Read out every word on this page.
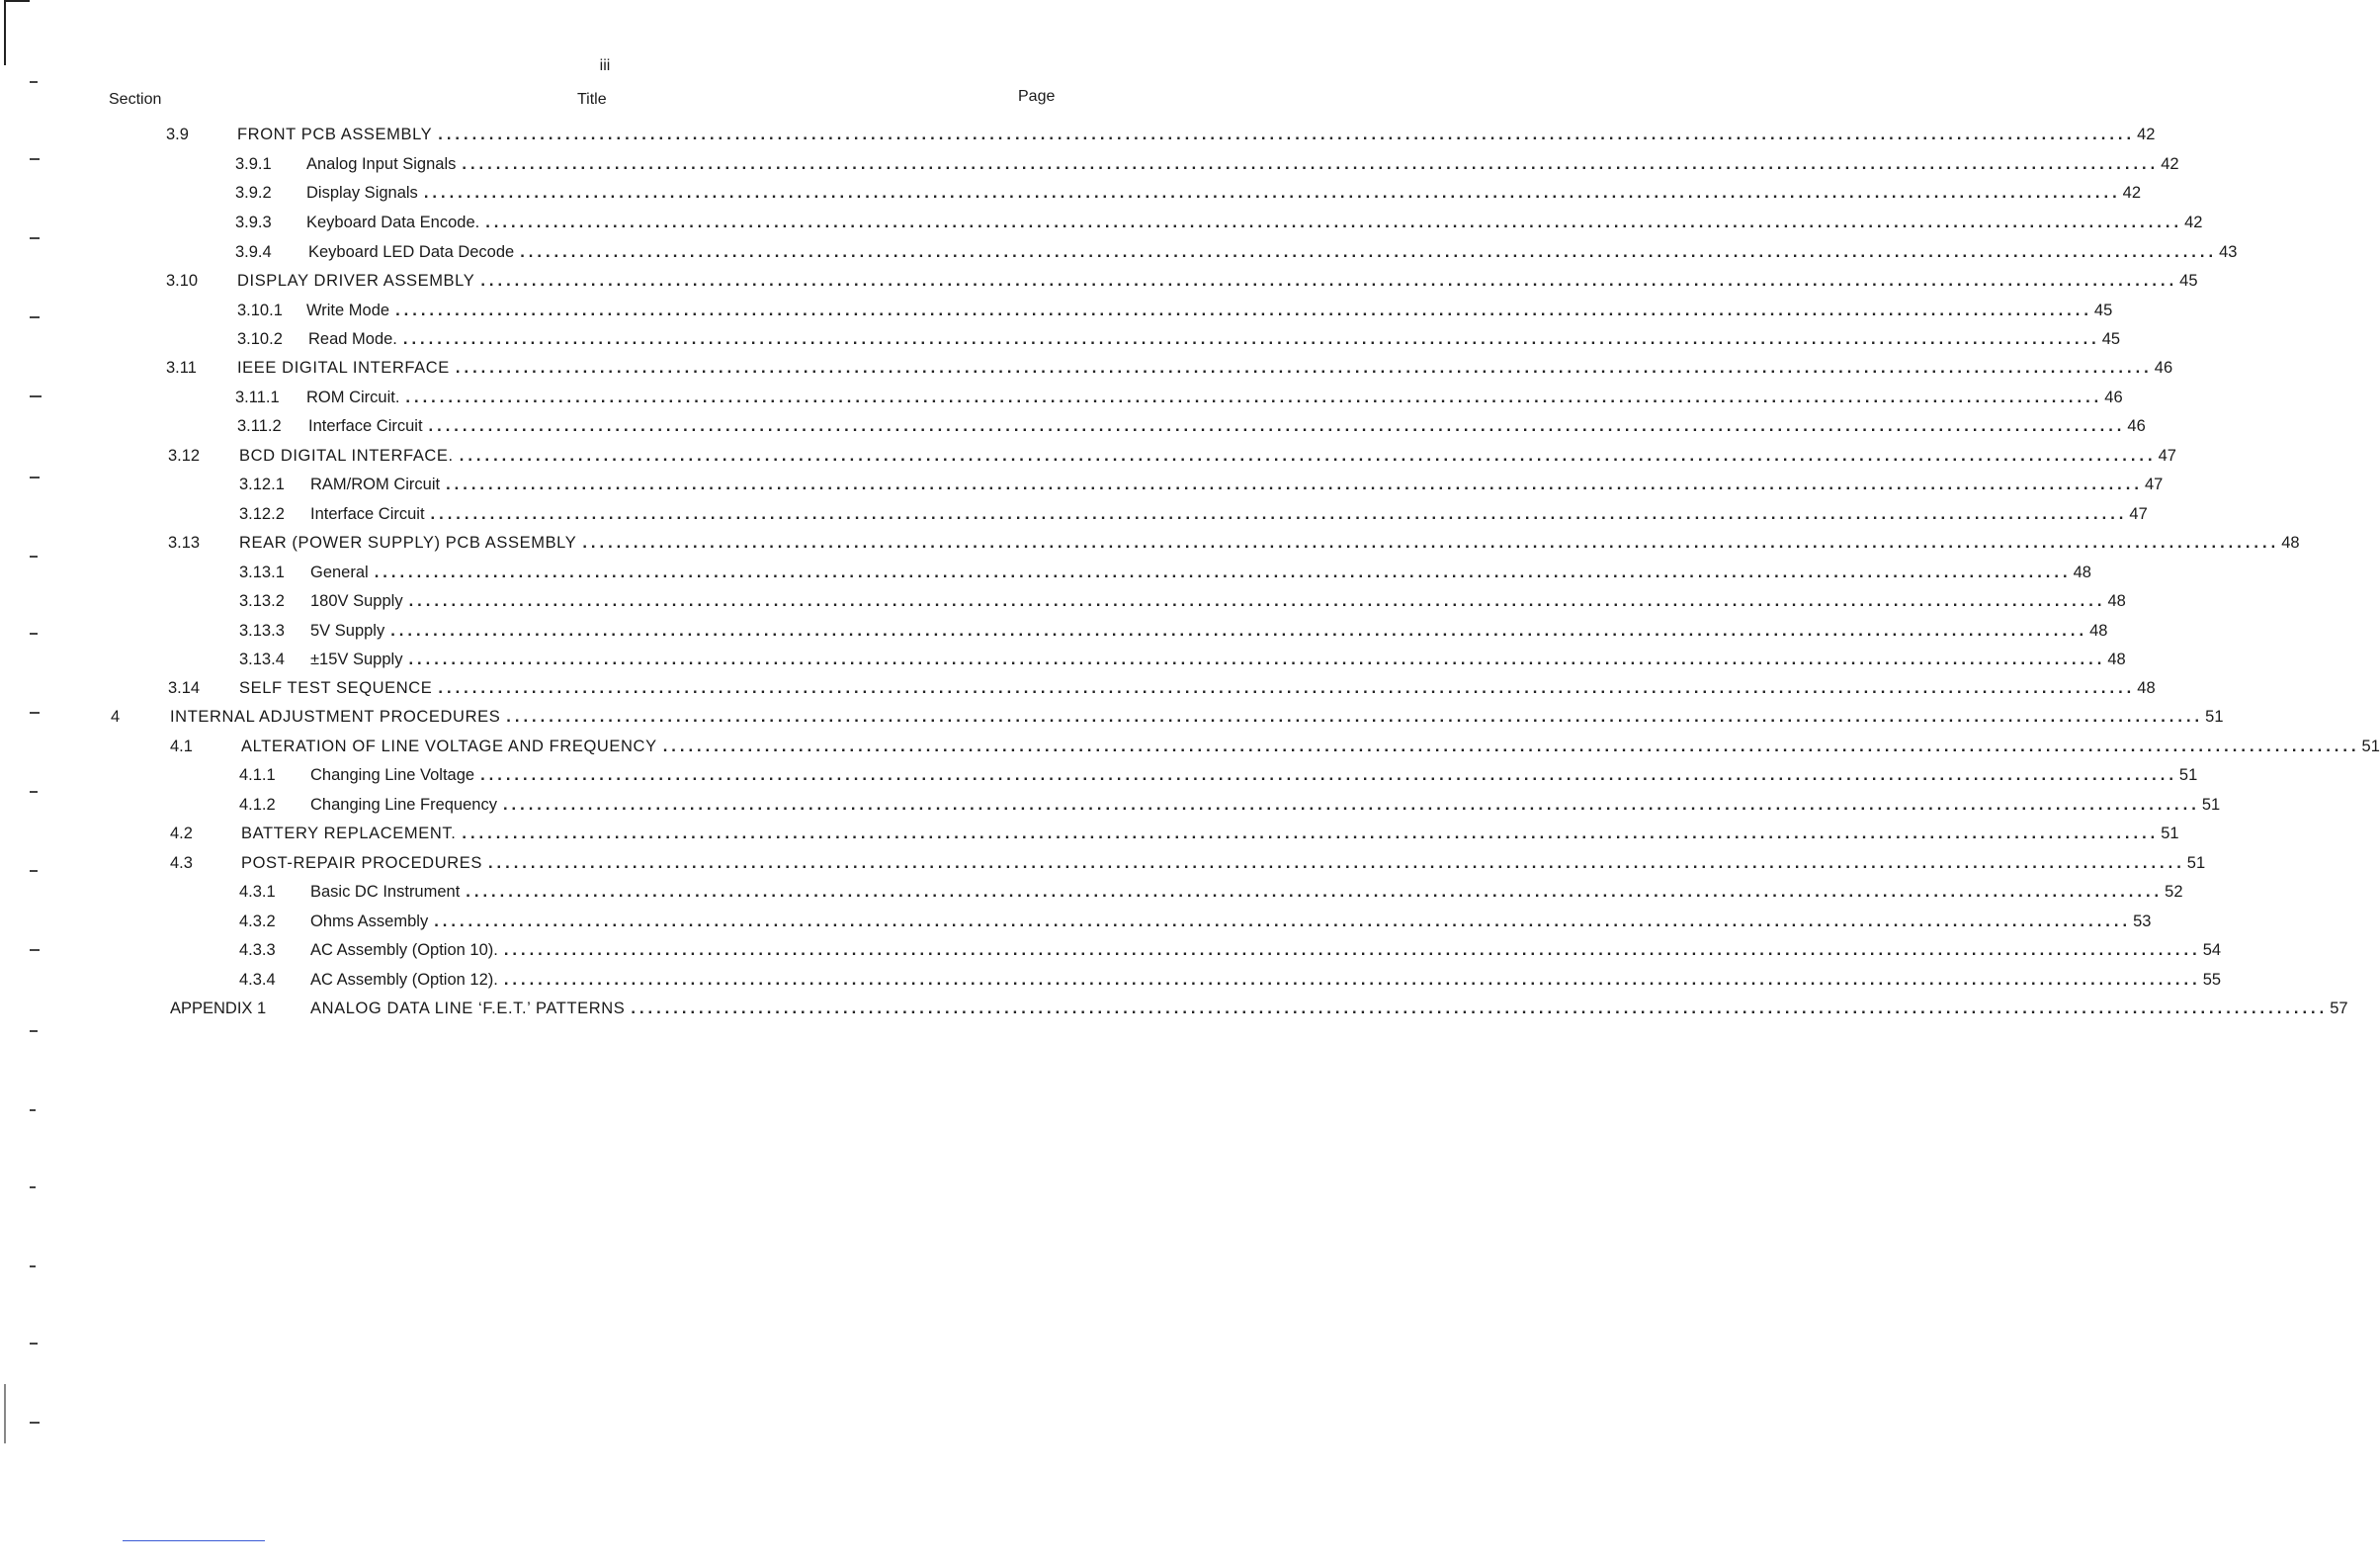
iii
Section	Title	Page
3.9	FRONT PCB ASSEMBLY ........................................................................................................................................................................................................ 42
3.9.1	Analog Input Signals ........................................................................................................................................................................................................ 42
3.9.2	Display Signals ........................................................................................................................................................................................................ 42
3.9.3	Keyboard Data Encode. ........................................................................................................................................................................................................ 42
3.9.4	Keyboard LED Data Decode ........................................................................................................................................................................................................ 43
3.10	DISPLAY DRIVER ASSEMBLY ........................................................................................................................................................................................................ 45
3.10.1	Write Mode ........................................................................................................................................................................................................ 45
3.10.2	Read Mode. ........................................................................................................................................................................................................ 45
3.11	IEEE DIGITAL INTERFACE ........................................................................................................................................................................................................ 46
3.11.1	ROM Circuit. ........................................................................................................................................................................................................ 46
3.11.2	Interface Circuit ........................................................................................................................................................................................................ 46
3.12	BCD DIGITAL INTERFACE. ........................................................................................................................................................................................................ 47
3.12.1	RAM/ROM Circuit ........................................................................................................................................................................................................ 47
3.12.2	Interface Circuit ........................................................................................................................................................................................................ 47
3.13	REAR (POWER SUPPLY) PCB ASSEMBLY ........................................................................................................................................................................................................ 48
3.13.1	General ........................................................................................................................................................................................................ 48
3.13.2	180V Supply ........................................................................................................................................................................................................ 48
3.13.3	5V Supply ........................................................................................................................................................................................................ 48
3.13.4	±15V Supply ........................................................................................................................................................................................................ 48
3.14	SELF TEST SEQUENCE ........................................................................................................................................................................................................ 48
4	INTERNAL ADJUSTMENT PROCEDURES ........................................................................................................................................................................................................ 51
4.1	ALTERATION OF LINE VOLTAGE AND FREQUENCY ........................................................................................................................................................................................................ 51
4.1.1	Changing Line Voltage ........................................................................................................................................................................................................ 51
4.1.2	Changing Line Frequency ........................................................................................................................................................................................................ 51
4.2	BATTERY REPLACEMENT. ........................................................................................................................................................................................................ 51
4.3	POST-REPAIR PROCEDURES ........................................................................................................................................................................................................ 51
4.3.1	Basic DC Instrument ........................................................................................................................................................................................................ 52
4.3.2	Ohms Assembly ........................................................................................................................................................................................................ 53
4.3.3	AC Assembly (Option 10). ........................................................................................................................................................................................................ 54
4.3.4	AC Assembly (Option 12). ........................................................................................................................................................................................................ 55
APPENDIX 1	ANALOG DATA LINE ‘F.E.T.’ PATTERNS ........................................................................................................................................................................................................ 57
